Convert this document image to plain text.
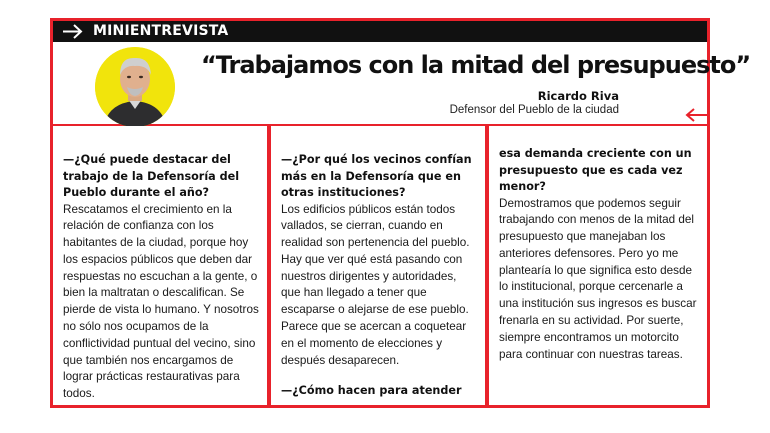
MINIENTREVISTA
“Trabajamos con la mitad del presupuesto”
Ricardo Riva
Defensor del Pueblo de la ciudad
—¿Qué puede destacar del trabajo de la Defensoría del Pueblo durante el año?

Rescatamos el crecimiento en la relación de confianza con los habitantes de la ciudad, porque hoy los espacios públicos que deben dar respuestas no escuchan a la gente, o bien la maltratan o descalifican. Se pierde de vista lo humano. Y nosotros no sólo nos ocupamos de la conflictividad puntual del vecino, sino que también nos encargamos de lograr prácticas restaurativas para todos.

—¿Por qué los vecinos confían más en la Defensoría que en otras instituciones?

Los edificios públicos están todos vallados, se cierran, cuando en realidad son pertenencia del pueblo. Hay que ver qué está pasando con nuestros dirigentes y autoridades, que han llegado a tener que escaparse o alejarse de ese pueblo. Parece que se acercan a coquetear en el momento de elecciones y después desaparecen.

—¿Cómo hacen para atender
esa demanda creciente con un presupuesto que es cada vez menor?

Demostramos que podemos seguir trabajando con menos de la mitad del presupuesto que manejaban los anteriores defensores. Pero yo me plantearía lo que significa esto desde lo institucional, porque cercenarle a una institución sus ingresos es buscar frenarla en su actividad. Por suerte, siempre encontramos un motorcito para continuar con nuestras tareas.
